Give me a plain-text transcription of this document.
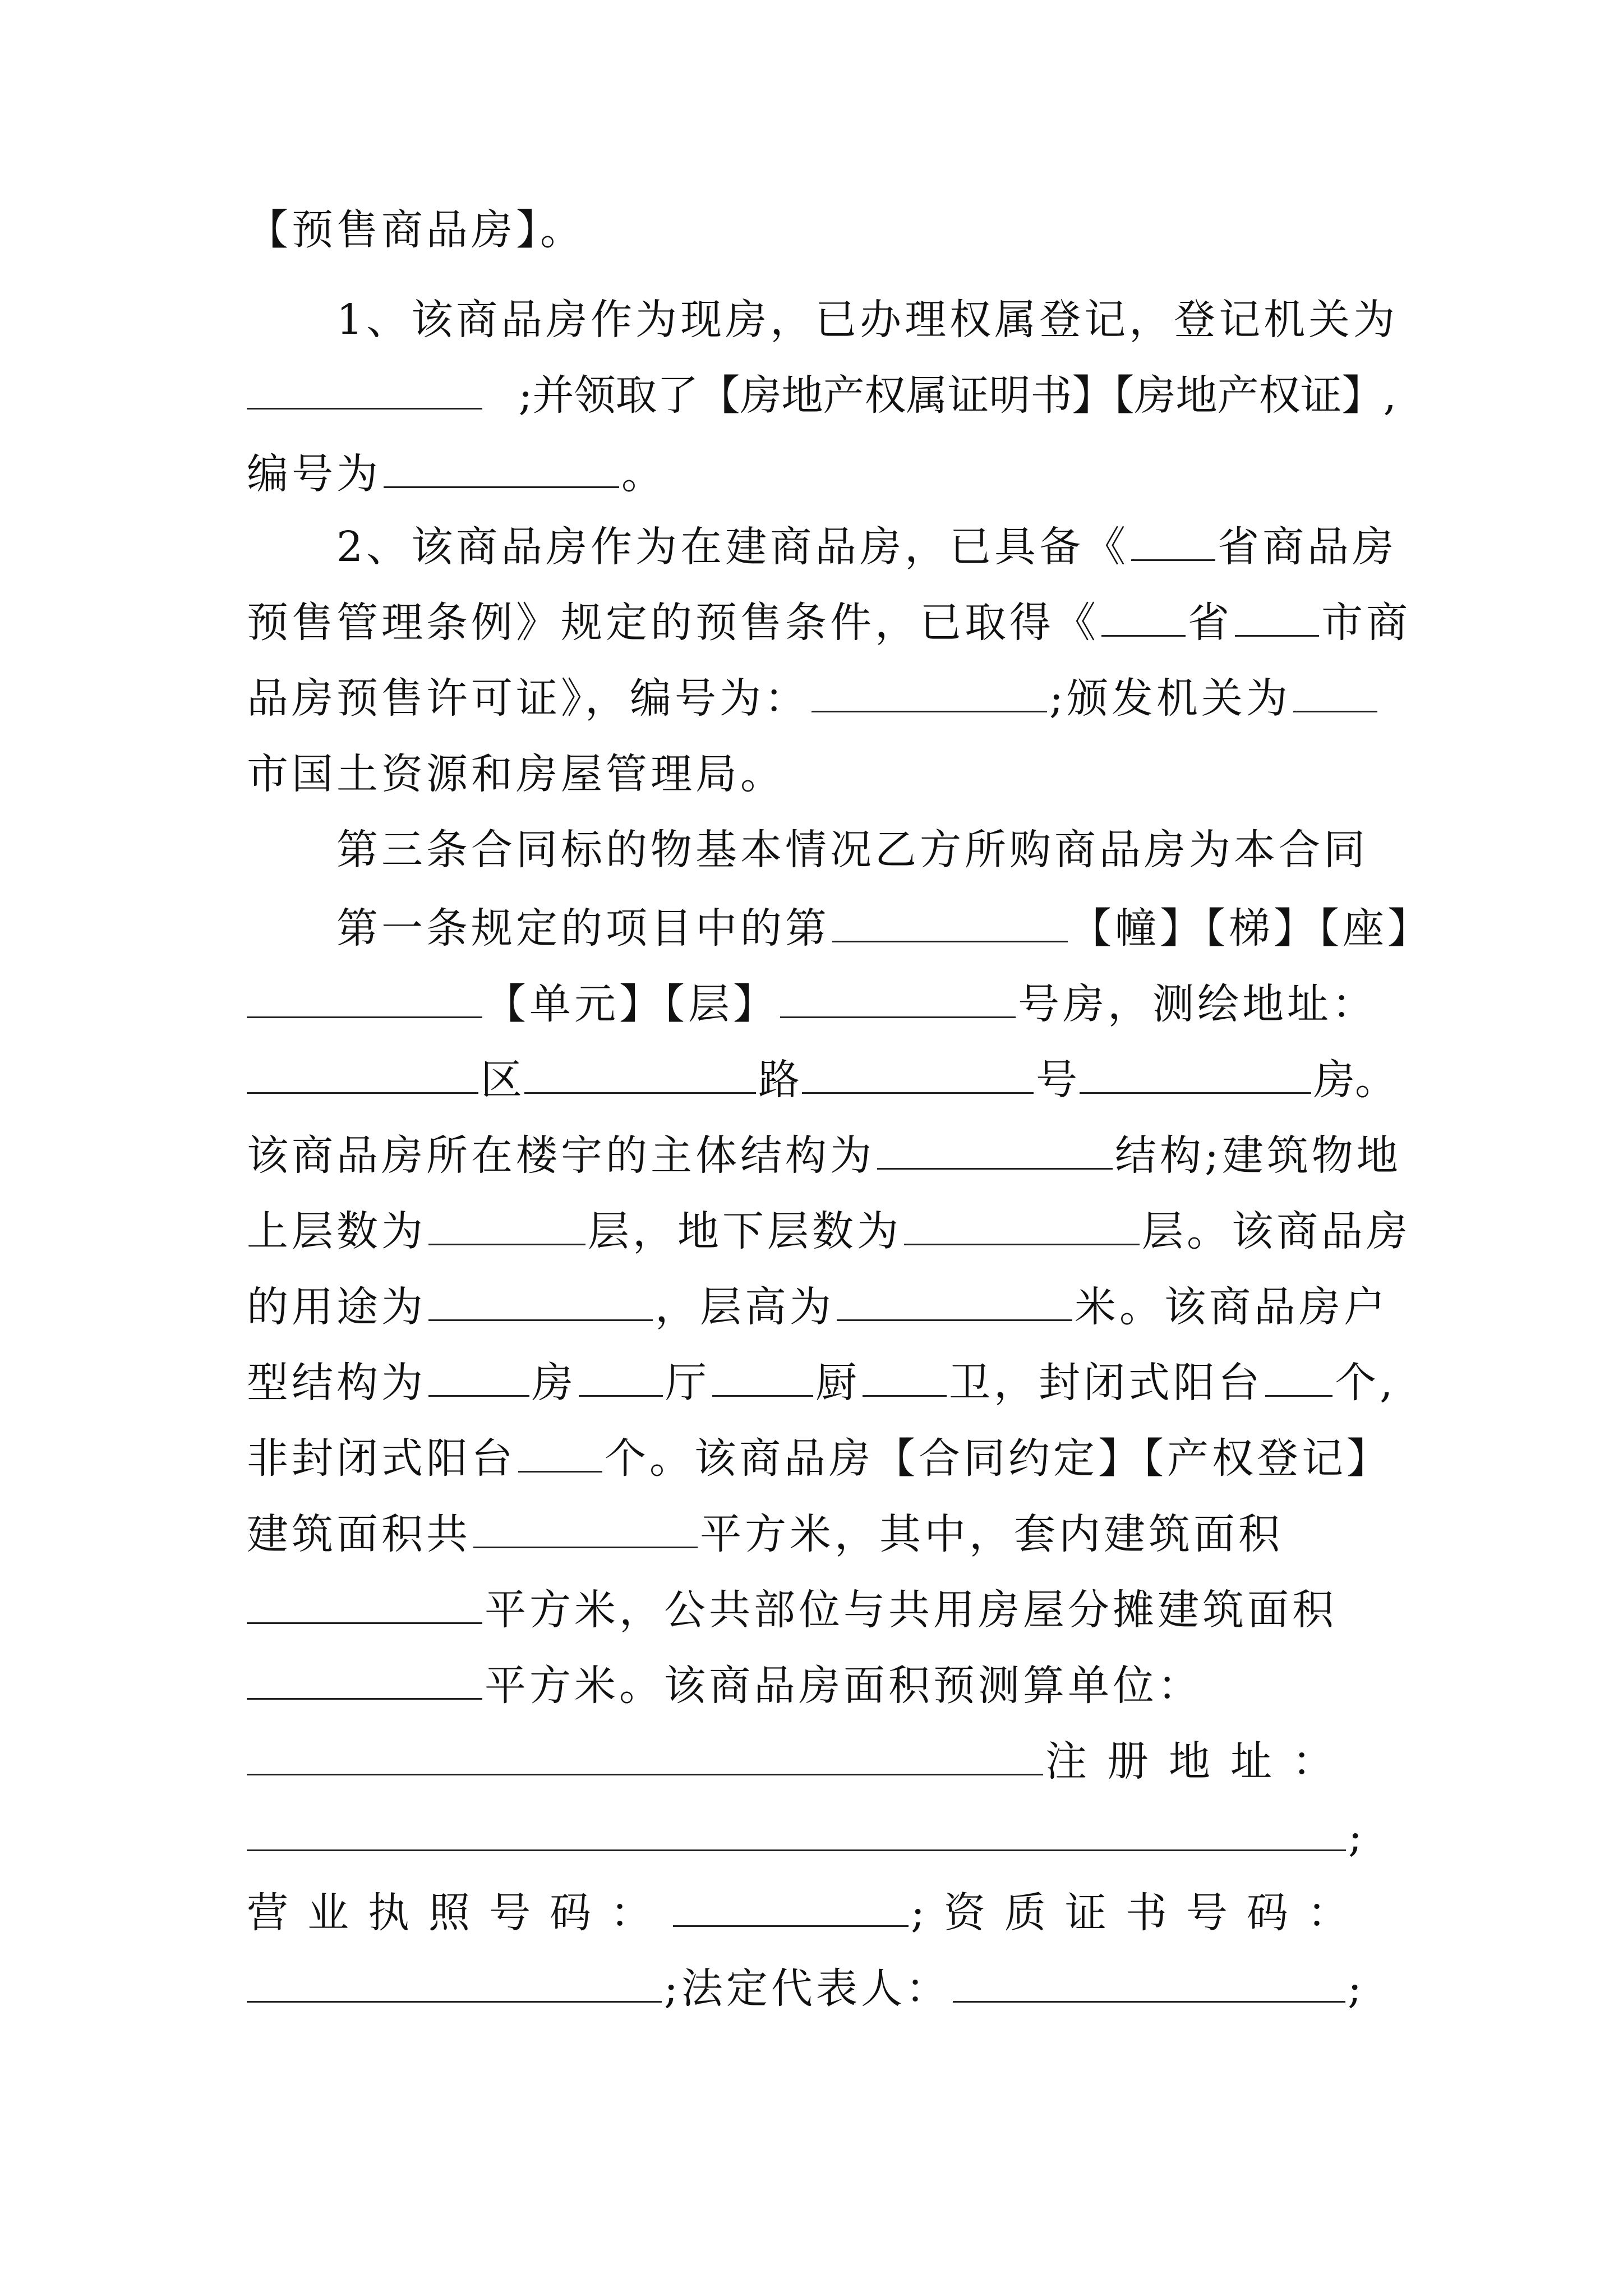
【预售商品房】。
1、该商品房作为现房，已办理权属登记，登记机关为
;并领取了【房地产权属证明书】【房地产权证】,
编号为	。
2、该商品房作为在建商品房，已具备《 省商品房
预售管理条例》规定的预售条件，已取得《 省 市商
品房预售许可证》，编号为：	;颁发机关为
市国土资源和房屋管理局。
第三条合同标的物基本情况乙方所购商品房为本合同
第一条规定的项目中的第	【幢】【梯】【座】
【单元】【层】	号房，测绘地址：
区	路	号	房。
该商品房所在楼宇的主体结构为	结构;建筑物地
上层数为	层，地下层数为	层。该商品房
的用途为	，层高为	米。该商品房户
型结构为	房 厅	厨 卫，封闭式阳台 个,
非封闭式阳台 个。该商品房【合同约定】【产权登记】
建筑面积共	平方米，其中，套内建筑面积
平方米，公共部位与共用房屋分摊建筑面积
平方米。该商品房面积预测算单位：
注册地址：
;
营业执照号码：	;资质证书号码：
;法定代表人：	;
